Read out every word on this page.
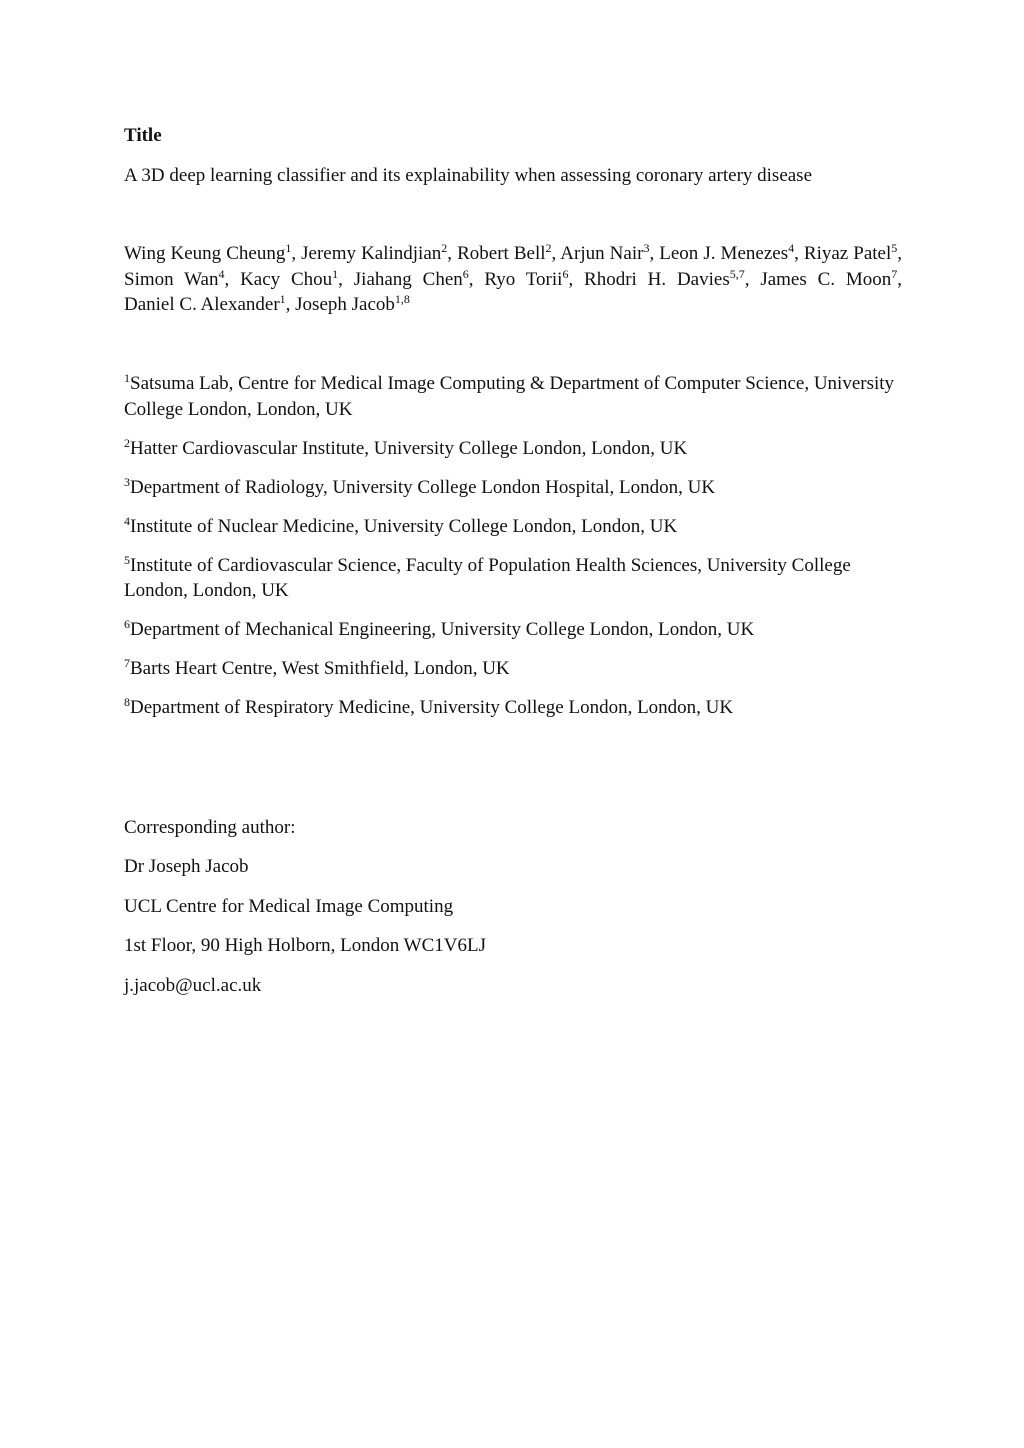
Title
A 3D deep learning classifier and its explainability when assessing coronary artery disease
Wing Keung Cheung$^1$, Jeremy Kalindjian$^2$, Robert Bell$^2$, Arjun Nair$^3$, Leon J. Menezes$^4$, Riyaz Patel$^5$, Simon Wan$^4$, Kacy Chou$^1$, Jiahang Chen$^6$, Ryo Torii$^6$, Rhodri H. Davies$^{5,7}$, James C. Moon$^7$, Daniel C. Alexander$^1$, Joseph Jacob$^{1,8}$
$^1$Satsuma Lab, Centre for Medical Image Computing & Department of Computer Science, University College London, London, UK
$^2$Hatter Cardiovascular Institute, University College London, London, UK
$^3$Department of Radiology, University College London Hospital, London, UK
$^4$Institute of Nuclear Medicine, University College London, London, UK
$^5$Institute of Cardiovascular Science, Faculty of Population Health Sciences, University College London, London, UK
$^6$Department of Mechanical Engineering, University College London, London, UK
$^7$Barts Heart Centre, West Smithfield, London, UK
$^8$Department of Respiratory Medicine, University College London, London, UK
Corresponding author:
Dr Joseph Jacob
UCL Centre for Medical Image Computing
1st Floor, 90 High Holborn, London WC1V6LJ
j.jacob@ucl.ac.uk
